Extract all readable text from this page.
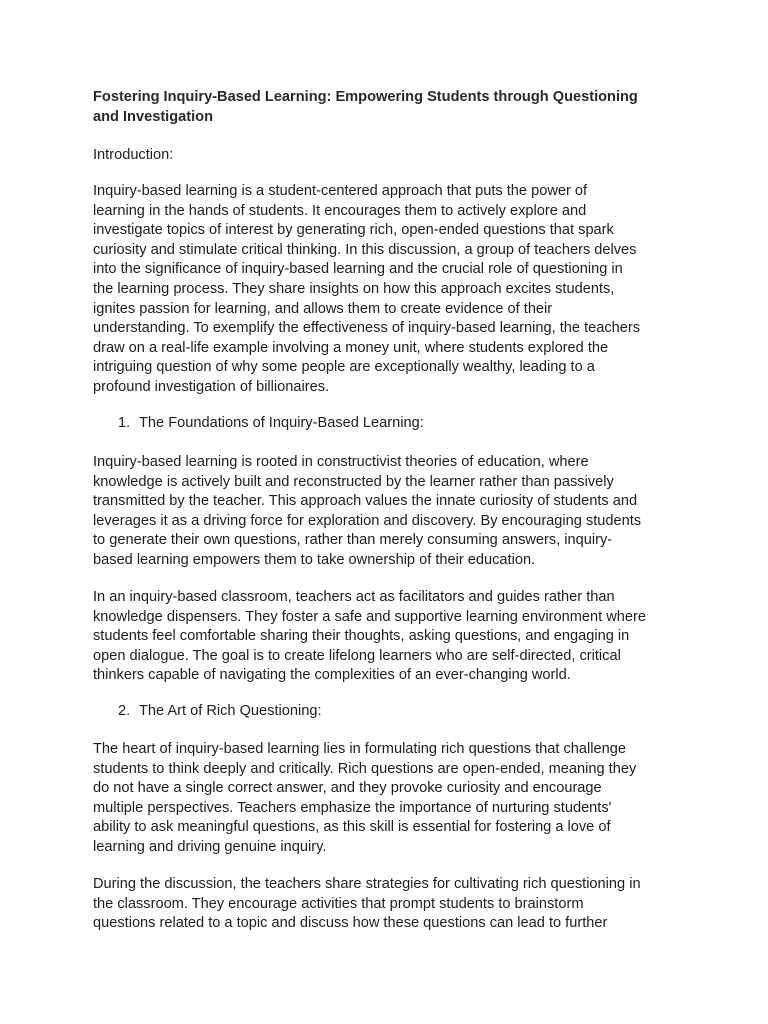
Fostering Inquiry-Based Learning: Empowering Students through Questioning
and Investigation
Introduction:
Inquiry-based learning is a student-centered approach that puts the power of
learning in the hands of students. It encourages them to actively explore and
investigate topics of interest by generating rich, open-ended questions that spark
curiosity and stimulate critical thinking. In this discussion, a group of teachers delves
into the significance of inquiry-based learning and the crucial role of questioning in
the learning process. They share insights on how this approach excites students,
ignites passion for learning, and allows them to create evidence of their
understanding. To exemplify the effectiveness of inquiry-based learning, the teachers
draw on a real-life example involving a money unit, where students explored the
intriguing question of why some people are exceptionally wealthy, leading to a
profound investigation of billionaires.
1. The Foundations of Inquiry-Based Learning:
Inquiry-based learning is rooted in constructivist theories of education, where
knowledge is actively built and reconstructed by the learner rather than passively
transmitted by the teacher. This approach values the innate curiosity of students and
leverages it as a driving force for exploration and discovery. By encouraging students
to generate their own questions, rather than merely consuming answers, inquiry-
based learning empowers them to take ownership of their education.
In an inquiry-based classroom, teachers act as facilitators and guides rather than
knowledge dispensers. They foster a safe and supportive learning environment where
students feel comfortable sharing their thoughts, asking questions, and engaging in
open dialogue. The goal is to create lifelong learners who are self-directed, critical
thinkers capable of navigating the complexities of an ever-changing world.
2. The Art of Rich Questioning:
The heart of inquiry-based learning lies in formulating rich questions that challenge
students to think deeply and critically. Rich questions are open-ended, meaning they
do not have a single correct answer, and they provoke curiosity and encourage
multiple perspectives. Teachers emphasize the importance of nurturing students'
ability to ask meaningful questions, as this skill is essential for fostering a love of
learning and driving genuine inquiry.
During the discussion, the teachers share strategies for cultivating rich questioning in
the classroom. They encourage activities that prompt students to brainstorm
questions related to a topic and discuss how these questions can lead to further
